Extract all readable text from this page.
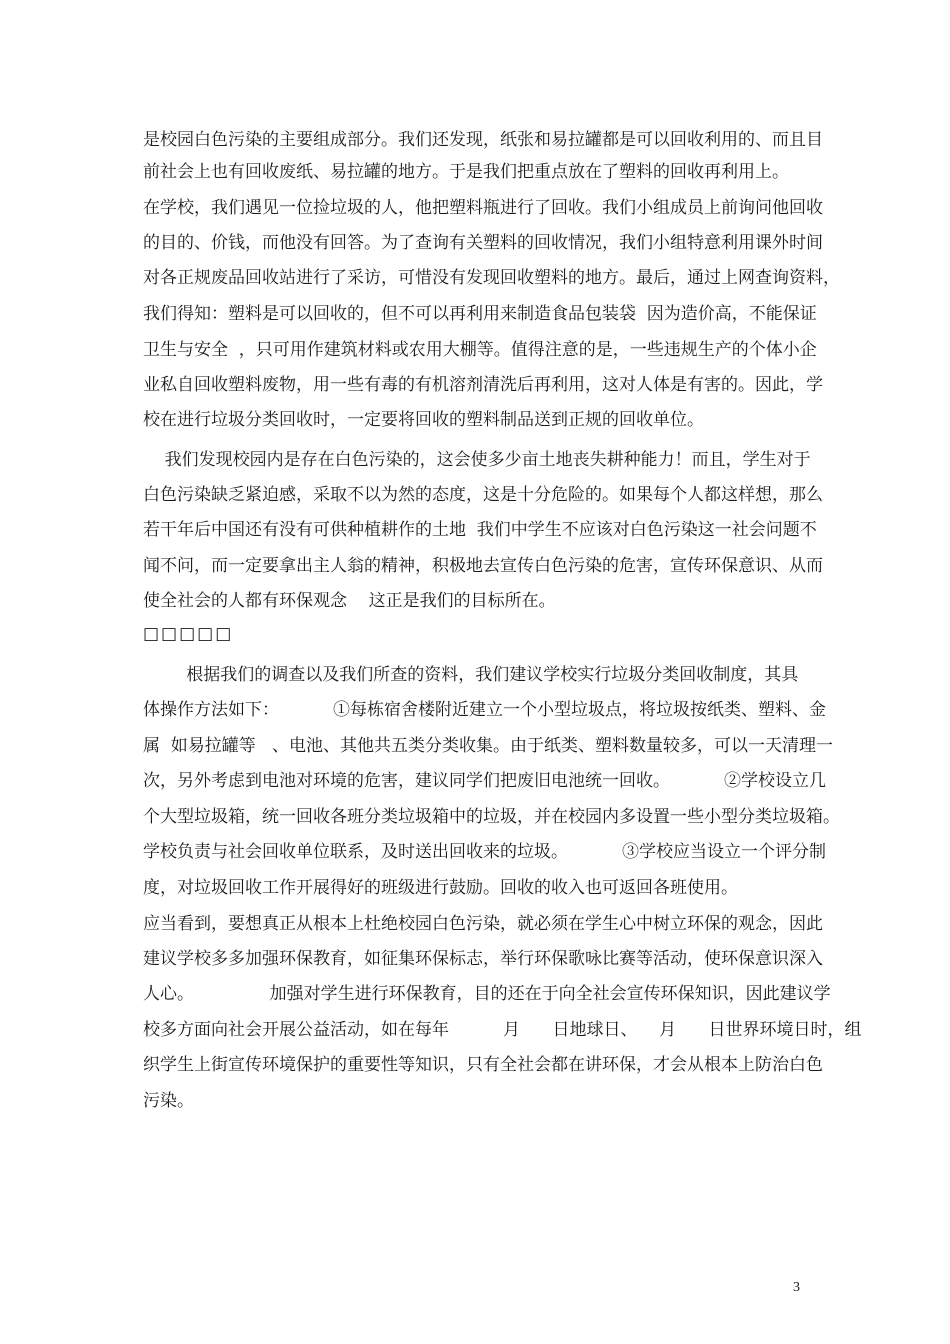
是校园白色污染的主要组成部分。我们还发现，纸张和易拉罐都是可以回收利用的、而且目

前社会上也有回收废纸、易拉罐的地方。于是我们把重点放在了塑料的回收再利用上。

在学校，我们遇见一位捡垃圾的人，他把塑料瓶进行了回收。我们小组成员上前询问他回收

的目的、价钱，而他没有回答。为了查询有关塑料的回收情况，我们小组特意利用课外时间

对各正规废品回收站进行了采访，可惜没有发现回收塑料的地方。最后，通过上网查询资料，

我们得知：塑料是可以回收的，但不可以再利用来制造食品包装袋  因为造价高，不能保证

卫生与安全  ，只可用作建筑材料或农用大棚等。值得注意的是，一些违规生产的个体小企

业私自回收塑料废物，用一些有毒的有机溶剂清洗后再利用，这对人体是有害的。因此，学

校在进行垃圾分类回收时，一定要将回收的塑料制品送到正规的回收单位。

我们发现校园内是存在白色污染的，这会使多少亩土地丧失耕种能力！而且，学生对于

白色污染缺乏紧迫感，采取不以为然的态度，这是十分危险的。如果每个人都这样想，那么

若干年后中国还有没有可供种植耕作的土地  我们中学生不应该对白色污染这一社会问题不

闻不问，而一定要拿出主人翁的精神，积极地去宣传白色污染的危害，宣传环保意识、从而

使全社会的人都有环保观念    这正是我们的目标所在。

□□□□□

根据我们的调查以及我们所查的资料，我们建议学校实行垃圾分类回收制度，其具

体操作方法如下：          ①每栋宿舍楼附近建立一个小型垃圾点，将垃圾按纸类、塑料、金

属  如易拉罐等   、电池、其他共五类分类收集。由于纸类、塑料数量较多，可以一天清理一

次，另外考虑到电池对环境的危害，建议同学们把废旧电池统一回收。          ②学校设立几

个大型垃圾箱，统一回收各班分类垃圾箱中的垃圾，并在校园内多设置一些小型分类垃圾箱。

学校负责与社会回收单位联系，及时送出回收来的垃圾。          ③学校应当设立一个评分制

度，对垃圾回收工作开展得好的班级进行鼓励。回收的收入也可返回各班使用。

应当看到，要想真正从根本上杜绝校园白色污染，就必须在学生心中树立环保的观念，因此

建议学校多多加强环保教育，如征集环保标志，举行环保歌咏比赛等活动，使环保意识深入

人心。              加强对学生进行环保教育，目的还在于向全社会宣传环保知识，因此建议学

校多方面向社会开展公益活动，如在每年          月      日地球日、    月      日世界环境日时，组

织学生上街宣传环境保护的重要性等知识，只有全社会都在讲环保，才会从根本上防治白色

污染。

3
